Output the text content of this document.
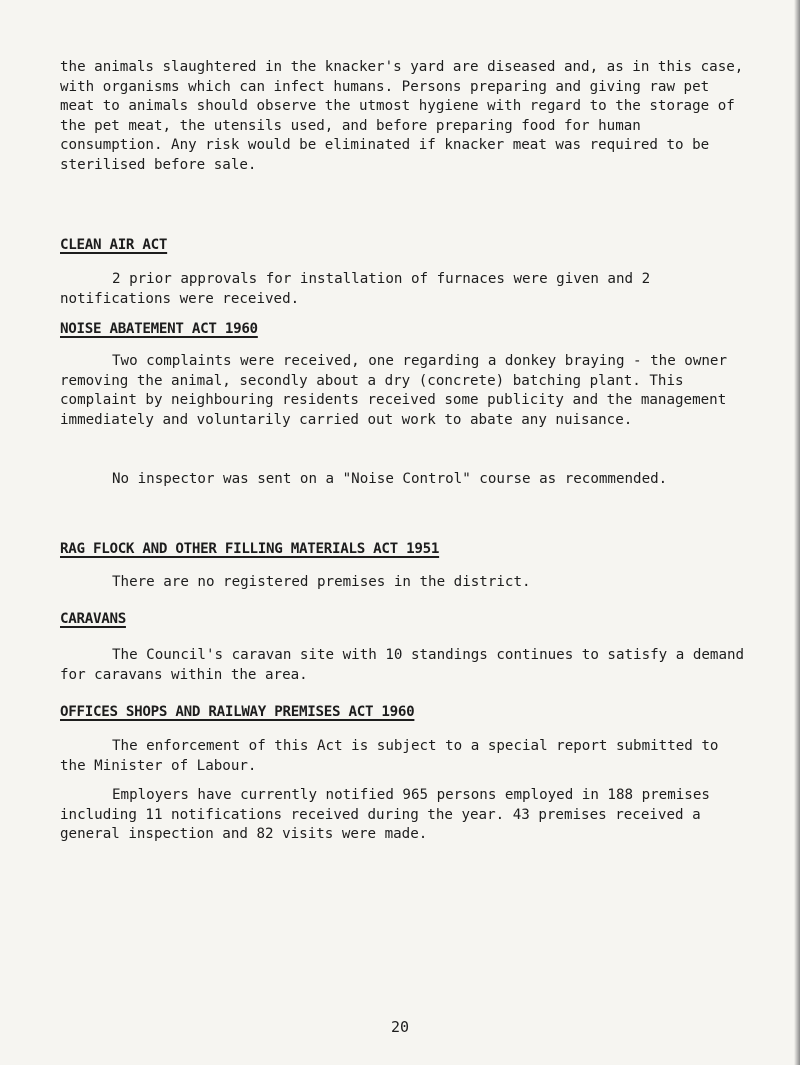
the animals slaughtered in the knacker's yard are diseased and, as in this case, with organisms which can infect humans. Persons preparing and giving raw pet meat to animals should observe the utmost hygiene with regard to the storage of the pet meat, the utensils used, and before preparing food for human consumption. Any risk would be eliminated if knacker meat was required to be sterilised before sale.

CLEAN AIR ACT

2 prior approvals for installation of furnaces were given and 2 notifications were received.

NOISE ABATEMENT ACT 1960

Two complaints were received, one regarding a donkey braying - the owner removing the animal, secondly about a dry (concrete) batching plant. This complaint by neighbouring residents received some publicity and the management immediately and voluntarily carried out work to abate any nuisance.

No inspector was sent on a "Noise Control" course as recommended.

RAG FLOCK AND OTHER FILLING MATERIALS ACT 1951

There are no registered premises in the district.

CARAVANS

The Council's caravan site with 10 standings continues to satisfy a demand for caravans within the area.

OFFICES SHOPS AND RAILWAY PREMISES ACT 1960

The enforcement of this Act is subject to a special report submitted to the Minister of Labour.

Employers have currently notified 965 persons employed in 188 premises including 11 notifications received during the year. 43 premises received a general inspection and 82 visits were made.

20
